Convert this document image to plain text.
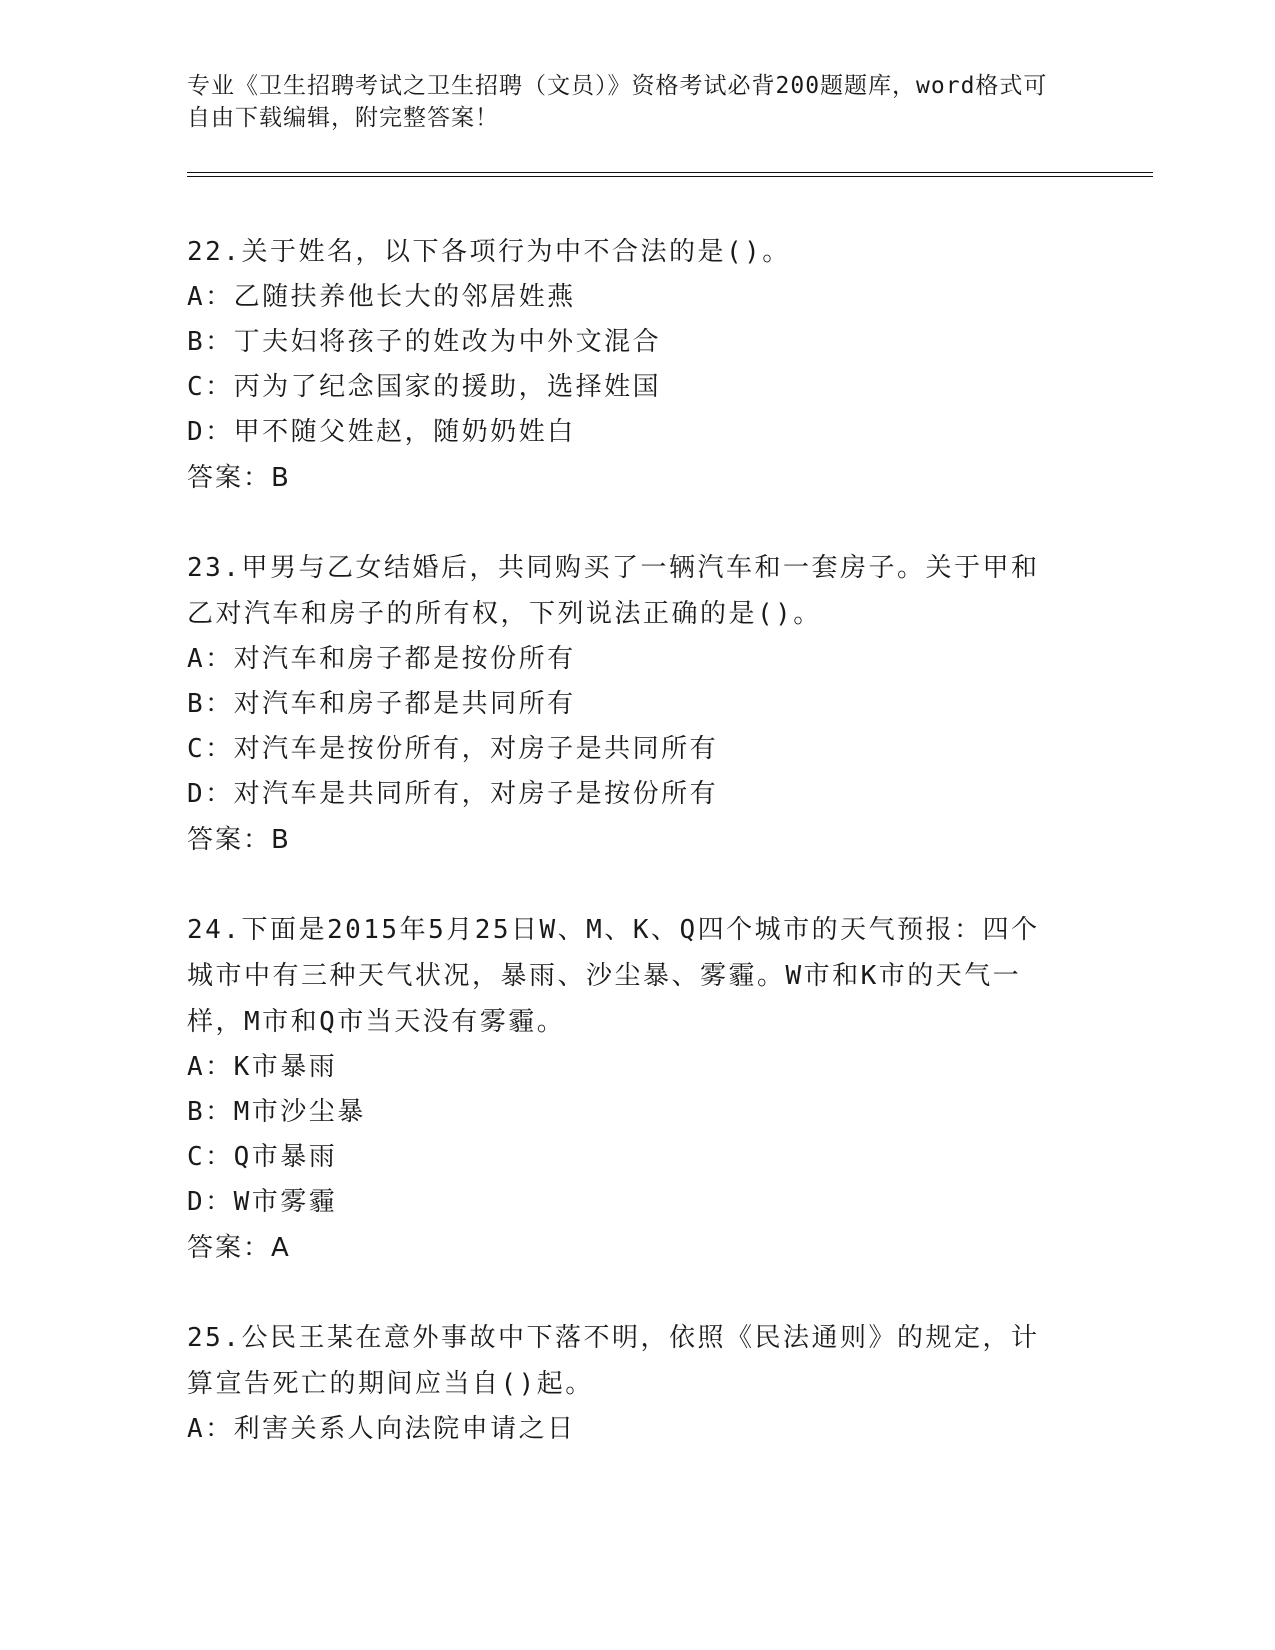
专业《卫生招聘考试之卫生招聘（文员）》资格考试必背200题题库，word格式可自由下载编辑，附完整答案！
22.关于姓名，以下各项行为中不合法的是()。
A：乙随扶养他长大的邻居姓燕
B：丁夫妇将孩子的姓改为中外文混合
C：丙为了纪念国家的援助，选择姓国
D：甲不随父姓赵，随奶奶姓白
答案：B
23.甲男与乙女结婚后，共同购买了一辆汽车和一套房子。关于甲和乙对汽车和房子的所有权，下列说法正确的是()。
A：对汽车和房子都是按份所有
B：对汽车和房子都是共同所有
C：对汽车是按份所有，对房子是共同所有
D：对汽车是共同所有，对房子是按份所有
答案：B
24.下面是2015年5月25日W、M、K、Q四个城市的天气预报：四个城市中有三种天气状况，暴雨、沙尘暴、雾霾。W市和K市的天气一样，M市和Q市当天没有雾霾。
A：K市暴雨
B：M市沙尘暴
C：Q市暴雨
D：W市雾霾
答案：A
25.公民王某在意外事故中下落不明，依照《民法通则》的规定，计算宣告死亡的期间应当自()起。
A：利害关系人向法院申请之日
